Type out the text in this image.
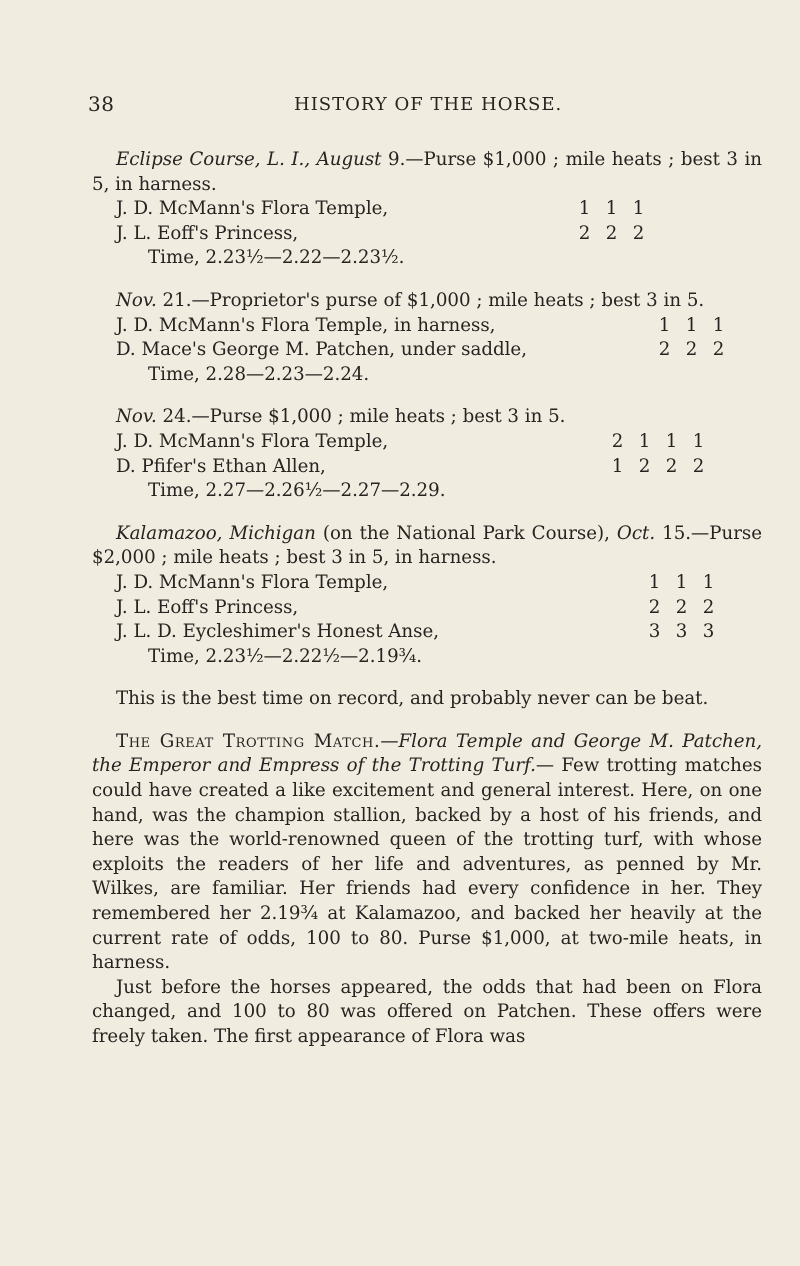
38	HISTORY OF THE HORSE.

Eclipse Course, L. I., August 9.—Purse $1,000 ; mile heats ; best 3 in 5, in harness.

J. D. McMann's Flora Temple,	1 1 1
J. L. Eoff's Princess,	2 2 2
Time, 2.23½—2.22—2.23½.

Nov. 21.—Proprietor's purse of $1,000 ; mile heats ; best 3 in 5.

J. D. McMann's Flora Temple, in harness,	1 1 1
D. Mace's George M. Patchen, under saddle,	2 2 2
Time, 2.28—2.23—2.24.

Nov. 24.—Purse $1,000 ; mile heats ; best 3 in 5.

J. D. McMann's Flora Temple,	2 1 1 1
D. Pfifer's Ethan Allen,	1 2 2 2
Time, 2.27—2.26½—2.27—2.29.

Kalamazoo, Michigan (on the National Park Course), Oct. 15.—Purse $2,000 ; mile heats ; best 3 in 5, in harness.

J. D. McMann's Flora Temple,	1 1 1
J. L. Eoff's Princess,	2 2 2
J. L. D. Eycleshimer's Honest Anse,	3 3 3
Time, 2.23½—2.22½—2.19¾.

This is the best time on record, and probably never can be beat.

The Great Trotting Match.—Flora Temple and George M. Patchen, the Emperor and Empress of the Trotting Turf.— Few trotting matches could have created a like excitement and general interest. Here, on one hand, was the champion stallion, backed by a host of his friends, and here was the world-renowned queen of the trotting turf, with whose exploits the readers of her life and adventures, as penned by Mr. Wilkes, are familiar. Her friends had every confidence in her. They remembered her 2.19¾ at Kalamazoo, and backed her heavily at the current rate of odds, 100 to 80. Purse $1,000, at two-mile heats, in harness.

Just before the horses appeared, the odds that had been on Flora changed, and 100 to 80 was offered on Patchen. These offers were freely taken. The first appearance of Flora was
